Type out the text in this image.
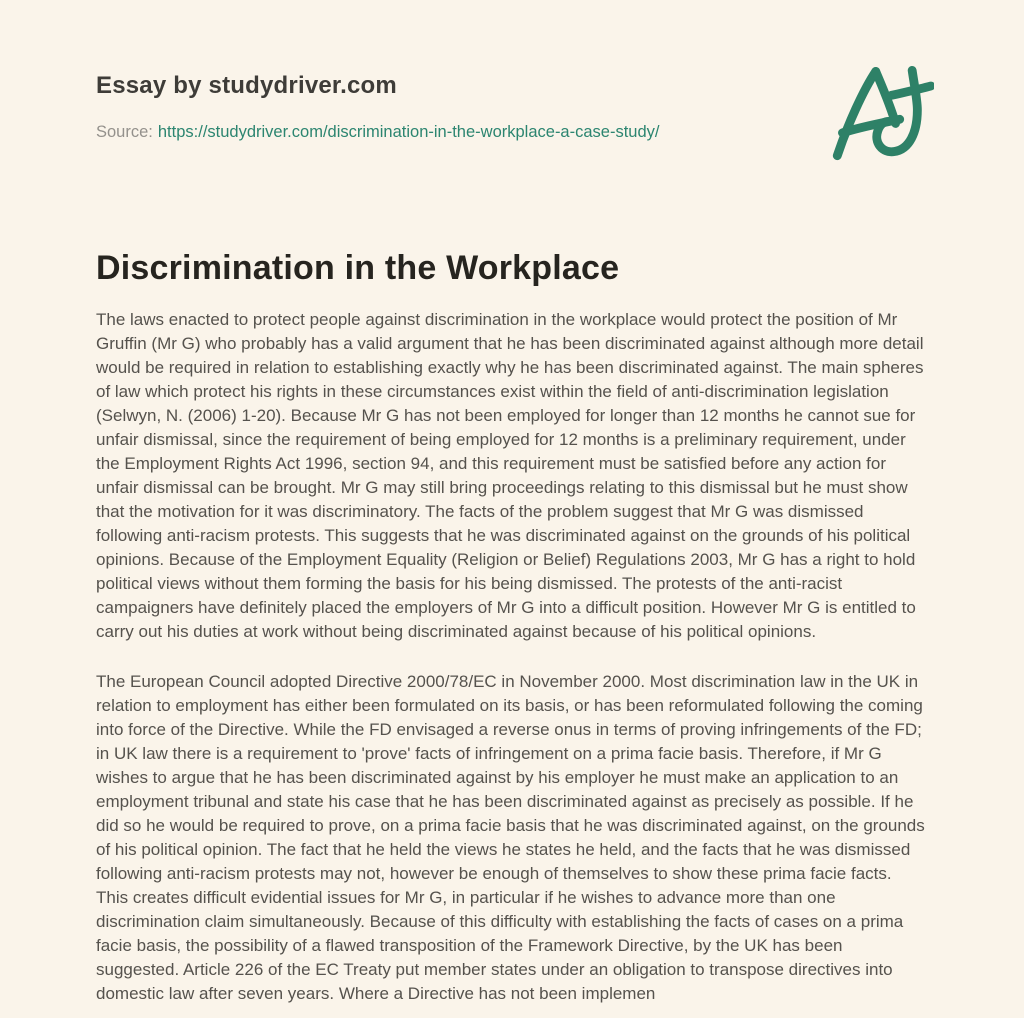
Essay by studydriver.com
Source: https://studydriver.com/discrimination-in-the-workplace-a-case-study/
Discrimination in the Workplace

The laws enacted to protect people against discrimination in the workplace would protect the position of Mr Gruffin (Mr G) who probably has a valid argument that he has been discriminated against although more detail would be required in relation to establishing exactly why he has been discriminated against. The main spheres of law which protect his rights in these circumstances exist within the field of anti-discrimination legislation (Selwyn, N. (2006) 1-20). Because Mr G has not been employed for longer than 12 months he cannot sue for unfair dismissal, since the requirement of being employed for 12 months is a preliminary requirement, under the Employment Rights Act 1996, section 94, and this requirement must be satisfied before any action for unfair dismissal can be brought. Mr G may still bring proceedings relating to this dismissal but he must show that the motivation for it was discriminatory. The facts of the problem suggest that Mr G was dismissed following anti-racism protests. This suggests that he was discriminated against on the grounds of his political opinions. Because of the Employment Equality (Religion or Belief) Regulations 2003, Mr G has a right to hold political views without them forming the basis for his being dismissed. The protests of the anti-racist campaigners have definitely placed the employers of Mr G into a difficult position. However Mr G is entitled to carry out his duties at work without being discriminated against because of his political opinions.

The European Council adopted Directive 2000/78/EC in November 2000. Most discrimination law in the UK in relation to employment has either been formulated on its basis, or has been reformulated following the coming into force of the Directive. While the FD envisaged a reverse onus in terms of proving infringements of the FD; in UK law there is a requirement to 'prove' facts of infringement on a prima facie basis. Therefore, if Mr G wishes to argue that he has been discriminated against by his employer he must make an application to an employment tribunal and state his case that he has been discriminated against as precisely as possible. If he did so he would be required to prove, on a prima facie basis that he was discriminated against, on the grounds of his political opinion. The fact that he held the views he states he held, and the facts that he was dismissed following anti-racism protests may not, however be enough of themselves to show these prima facie facts. This creates difficult evidential issues for Mr G, in particular if he wishes to advance more than one discrimination claim simultaneously. Because of this difficulty with establishing the facts of cases on a prima facie basis, the possibility of a flawed transposition of the Framework Directive, by the UK has been suggested. Article 226 of the EC Treaty put member states under an obligation to transpose directives into domestic law after seven years. Where a Directive has not been implemen
